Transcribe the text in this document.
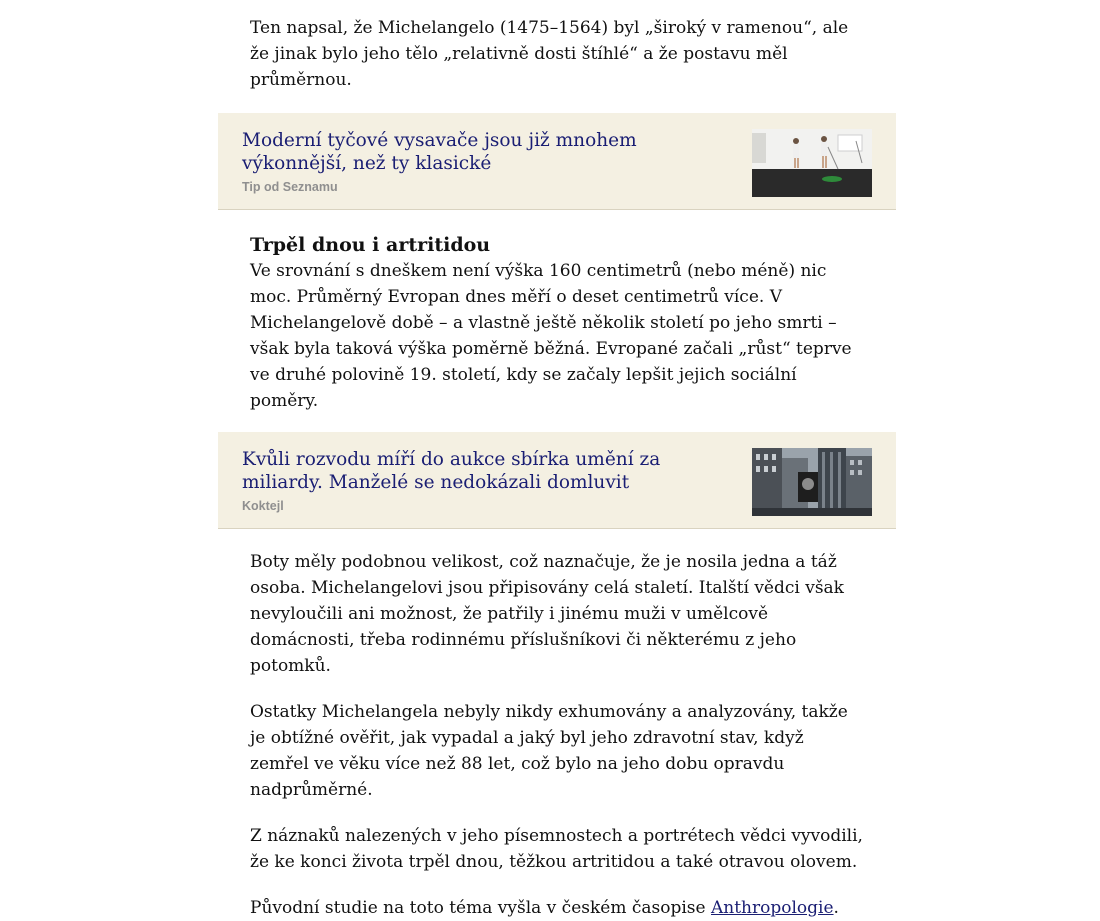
Ten napsal, že Michelangelo (1475–1564) byl „široký v ramenou“, ale že jinak bylo jeho tělo „relativně dosti štíhlé“ a že postavu měl průměrnou.

Moderní tyčové vysavače jsou již mnohem výkonnější, než ty klasické
Tip od Seznamu
Trpěl dnou i artritidou

Ve srovnání s dneškem není výška 160 centimetrů (nebo méně) nic moc. Průměrný Evropan dnes měří o deset centimetrů více. V Michelangelově době – a vlastně ještě několik století po jeho smrti – však byla taková výška poměrně běžná. Evropané začali „růst“ teprve ve druhé polovině 19. století, kdy se začaly lepšit jejich sociální poměry.

Kvůli rozvodu míří do aukce sbírka umění za miliardy. Manželé se nedokázali domluvit
Koktejl

Boty měly podobnou velikost, což naznačuje, že je nosila jedna a táž osoba. Michelangelovi jsou připisovány celá staletí. Italští vědci však nevyloučili ani možnost, že patřily i jinému muži v umělcově domácnosti, třeba rodinnému příslušníkovi či některému z jeho potomků.

Ostatky Michelangela nebyly nikdy exhumovány a analyzovány, takže je obtížné ověřit, jak vypadal a jaký byl jeho zdravotní stav, když zemřel ve věku více než 88 let, což bylo na jeho dobu opravdu nadprůměrné.

Z náznaků nalezených v jeho písemnostech a portrétech vědci vyvodili, že ke konci života trpěl dnou, těžkou artritidou a také otravou olovem.

Původní studie na toto téma vyšla v českém časopise Anthropologie.
